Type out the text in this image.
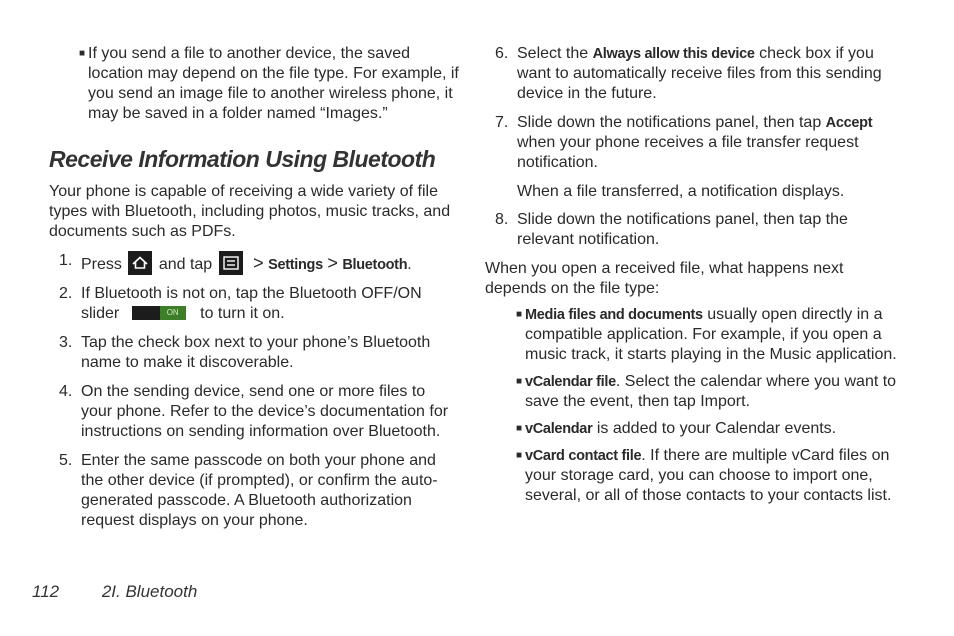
■ If you send a file to another device, the saved location may depend on the file type. For example, if you send an image file to another wireless phone, it may be saved in a folder named “Images.”
Receive Information Using Bluetooth

Your phone is capable of receiving a wide variety of file types with Bluetooth, including photos, music tracks, and documents such as PDFs.

1. Press and tap > Settings > Bluetooth.
2. If Bluetooth is not on, tap the Bluetooth OFF/ON slider	ON	to turn it on.
3. Tap the check box next to your phone’s Bluetooth name to make it discoverable.
4. On the sending device, send one or more files to your phone. Refer to the device’s documentation for instructions on sending information over Bluetooth.
5. Enter the same passcode on both your phone and the other device (if prompted), or confirm the auto-generated passcode. A Bluetooth authorization request displays on your phone.
6. Select the Always allow this device check box if you want to automatically receive files from this sending device in the future.
7. Slide down the notifications panel, then tap Accept when your phone receives a file transfer request notification.

When a file transferred, a notification displays.

8. Slide down the notifications panel, then tap the relevant notification.

When you open a received file, what happens next depends on the file type:

■ Media files and documents usually open directly in a compatible application. For example, if you open a music track, it starts playing in the Music application.
■ vCalendar file. Select the calendar where you want to save the event, then tap Import.
■ vCalendar is added to your Calendar events.
■ vCard contact file. If there are multiple vCard files on your storage card, you can choose to import one, several, or all of those contacts to your contacts list.
112	2I. Bluetooth
